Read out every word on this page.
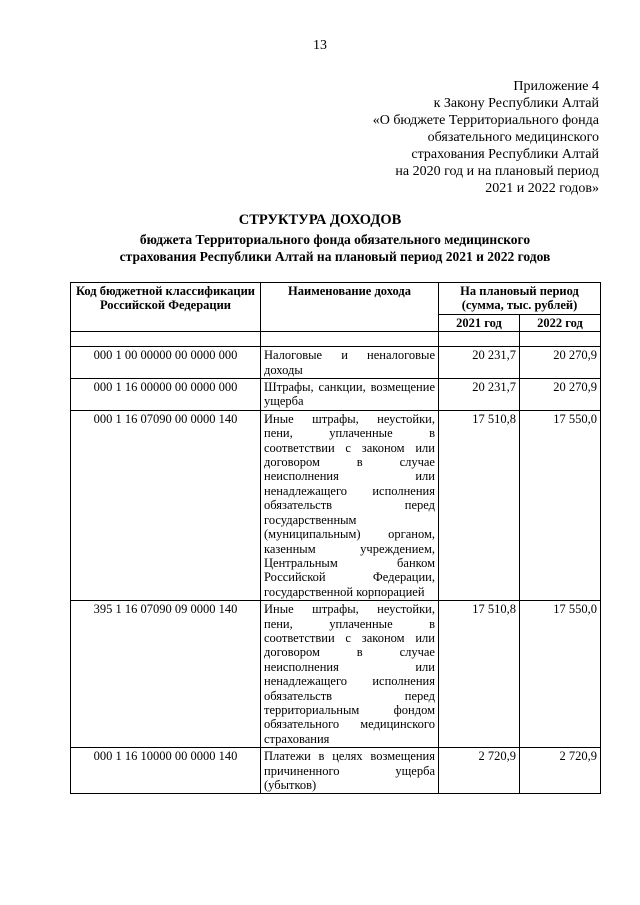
13
Приложение 4
к Закону Республики Алтай
«О бюджете Территориального фонда
обязательного медицинского
страхования Республики Алтай
на 2020 год и на плановый период
2021 и 2022 годов»
СТРУКТУРА ДОХОДОВ
бюджета Территориального фонда обязательного медицинского
страхования Республики Алтай на плановый период 2021 и 2022 годов
Код бюджетной классификации Российской Федерации	Наименование дохода	На плановый период (сумма, тыс. рублей)	
		2021 год	2022 год

000 1 00 00000 00 0000 000	Налоговые и неналоговые доходы	20 231,7	20 270,9
000 1 16 00000 00 0000 000	Штрафы, санкции, возмещение ущерба	20 231,7	20 270,9
000 1 16 07090 00 0000 140	Иные штрафы, неустойки, пени, уплаченные в соответствии с законом или договором в случае неисполнения или ненадлежащего исполнения обязательств перед государственным (муниципальным) органом, казенным учреждением, Центральным банком Российской Федерации, государственной корпорацией	17 510,8	17 550,0
395 1 16 07090 09 0000 140	Иные штрафы, неустойки, пени, уплаченные в соответствии с законом или договором в случае неисполнения или ненадлежащего исполнения обязательств перед территориальным фондом обязательного медицинского страхования	17 510,8	17 550,0
000 1 16 10000 00 0000 140	Платежи в целях возмещения причиненного ущерба (убытков)	2 720,9	2 720,9
